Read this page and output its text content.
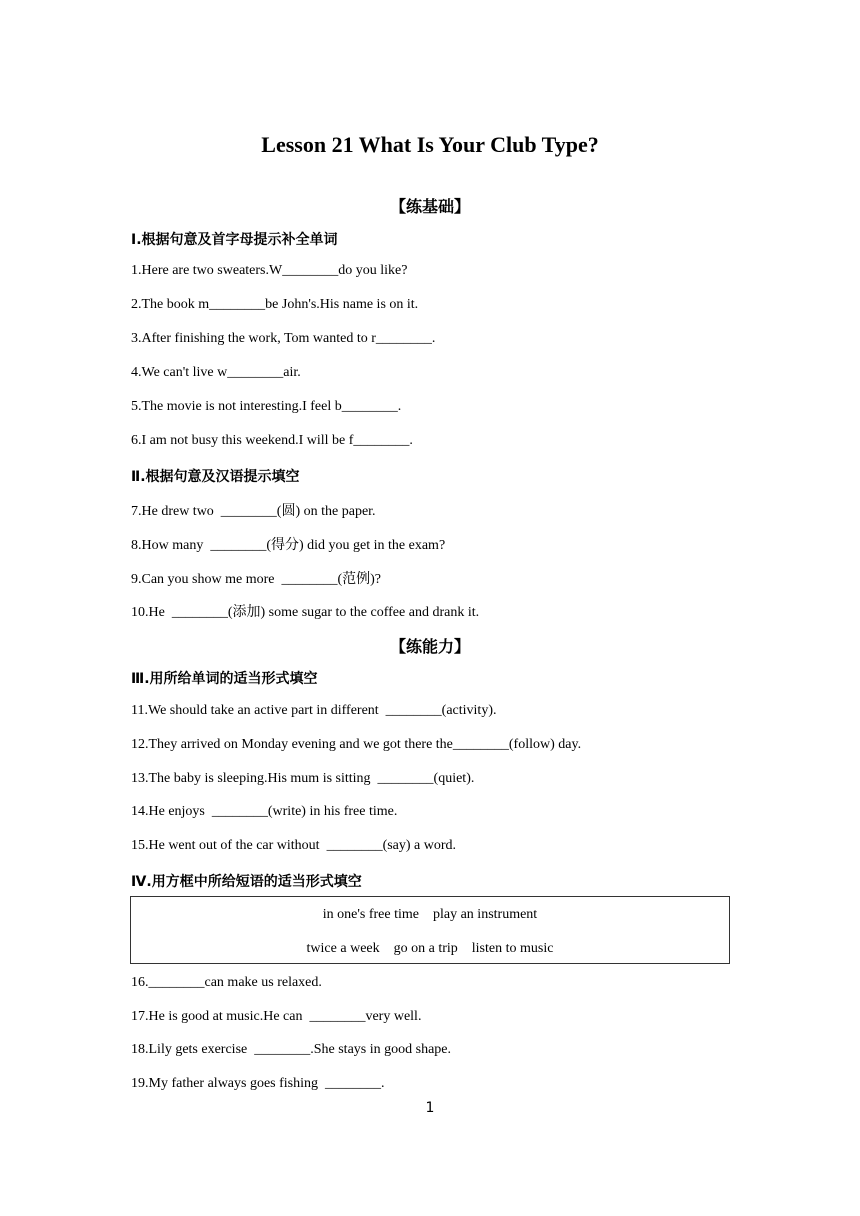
Lesson 21 What Is Your Club Type?
【练基础】
Ⅰ.根据句意及首字母提示补全单词
1.Here are two sweaters.W________do you like?
2.The book m________be John's.His name is on it.
3.After finishing the work, Tom wanted to r________.
4.We can't live w________air.
5.The movie is not interesting.I feel b________.
6.I am not busy this weekend.I will be f________.
Ⅱ.根据句意及汉语提示填空
7.He drew two  ________(圆) on the paper.
8.How many  ________(得分) did you get in the exam?
9.Can you show me more  ________(范例)?
10.He  ________(添加) some sugar to the coffee and drank it.
【练能力】
Ⅲ.用所给单词的适当形式填空
11.We should take an active part in different  ________(activity).
12.They arrived on Monday evening and we got there the________(follow) day.
13.The baby is sleeping.His mum is sitting  ________(quiet).
14.He enjoys  ________(write) in his free time.
15.He went out of the car without  ________(say) a word.
Ⅳ.用方框中所给短语的适当形式填空
in one's free time    play an instrument
twice a week    go on a trip    listen to music
16.________can make us relaxed.
17.He is good at music.He can  ________very well.
18.Lily gets exercise  ________.She stays in good shape.
19.My father always goes fishing  ________.
1
